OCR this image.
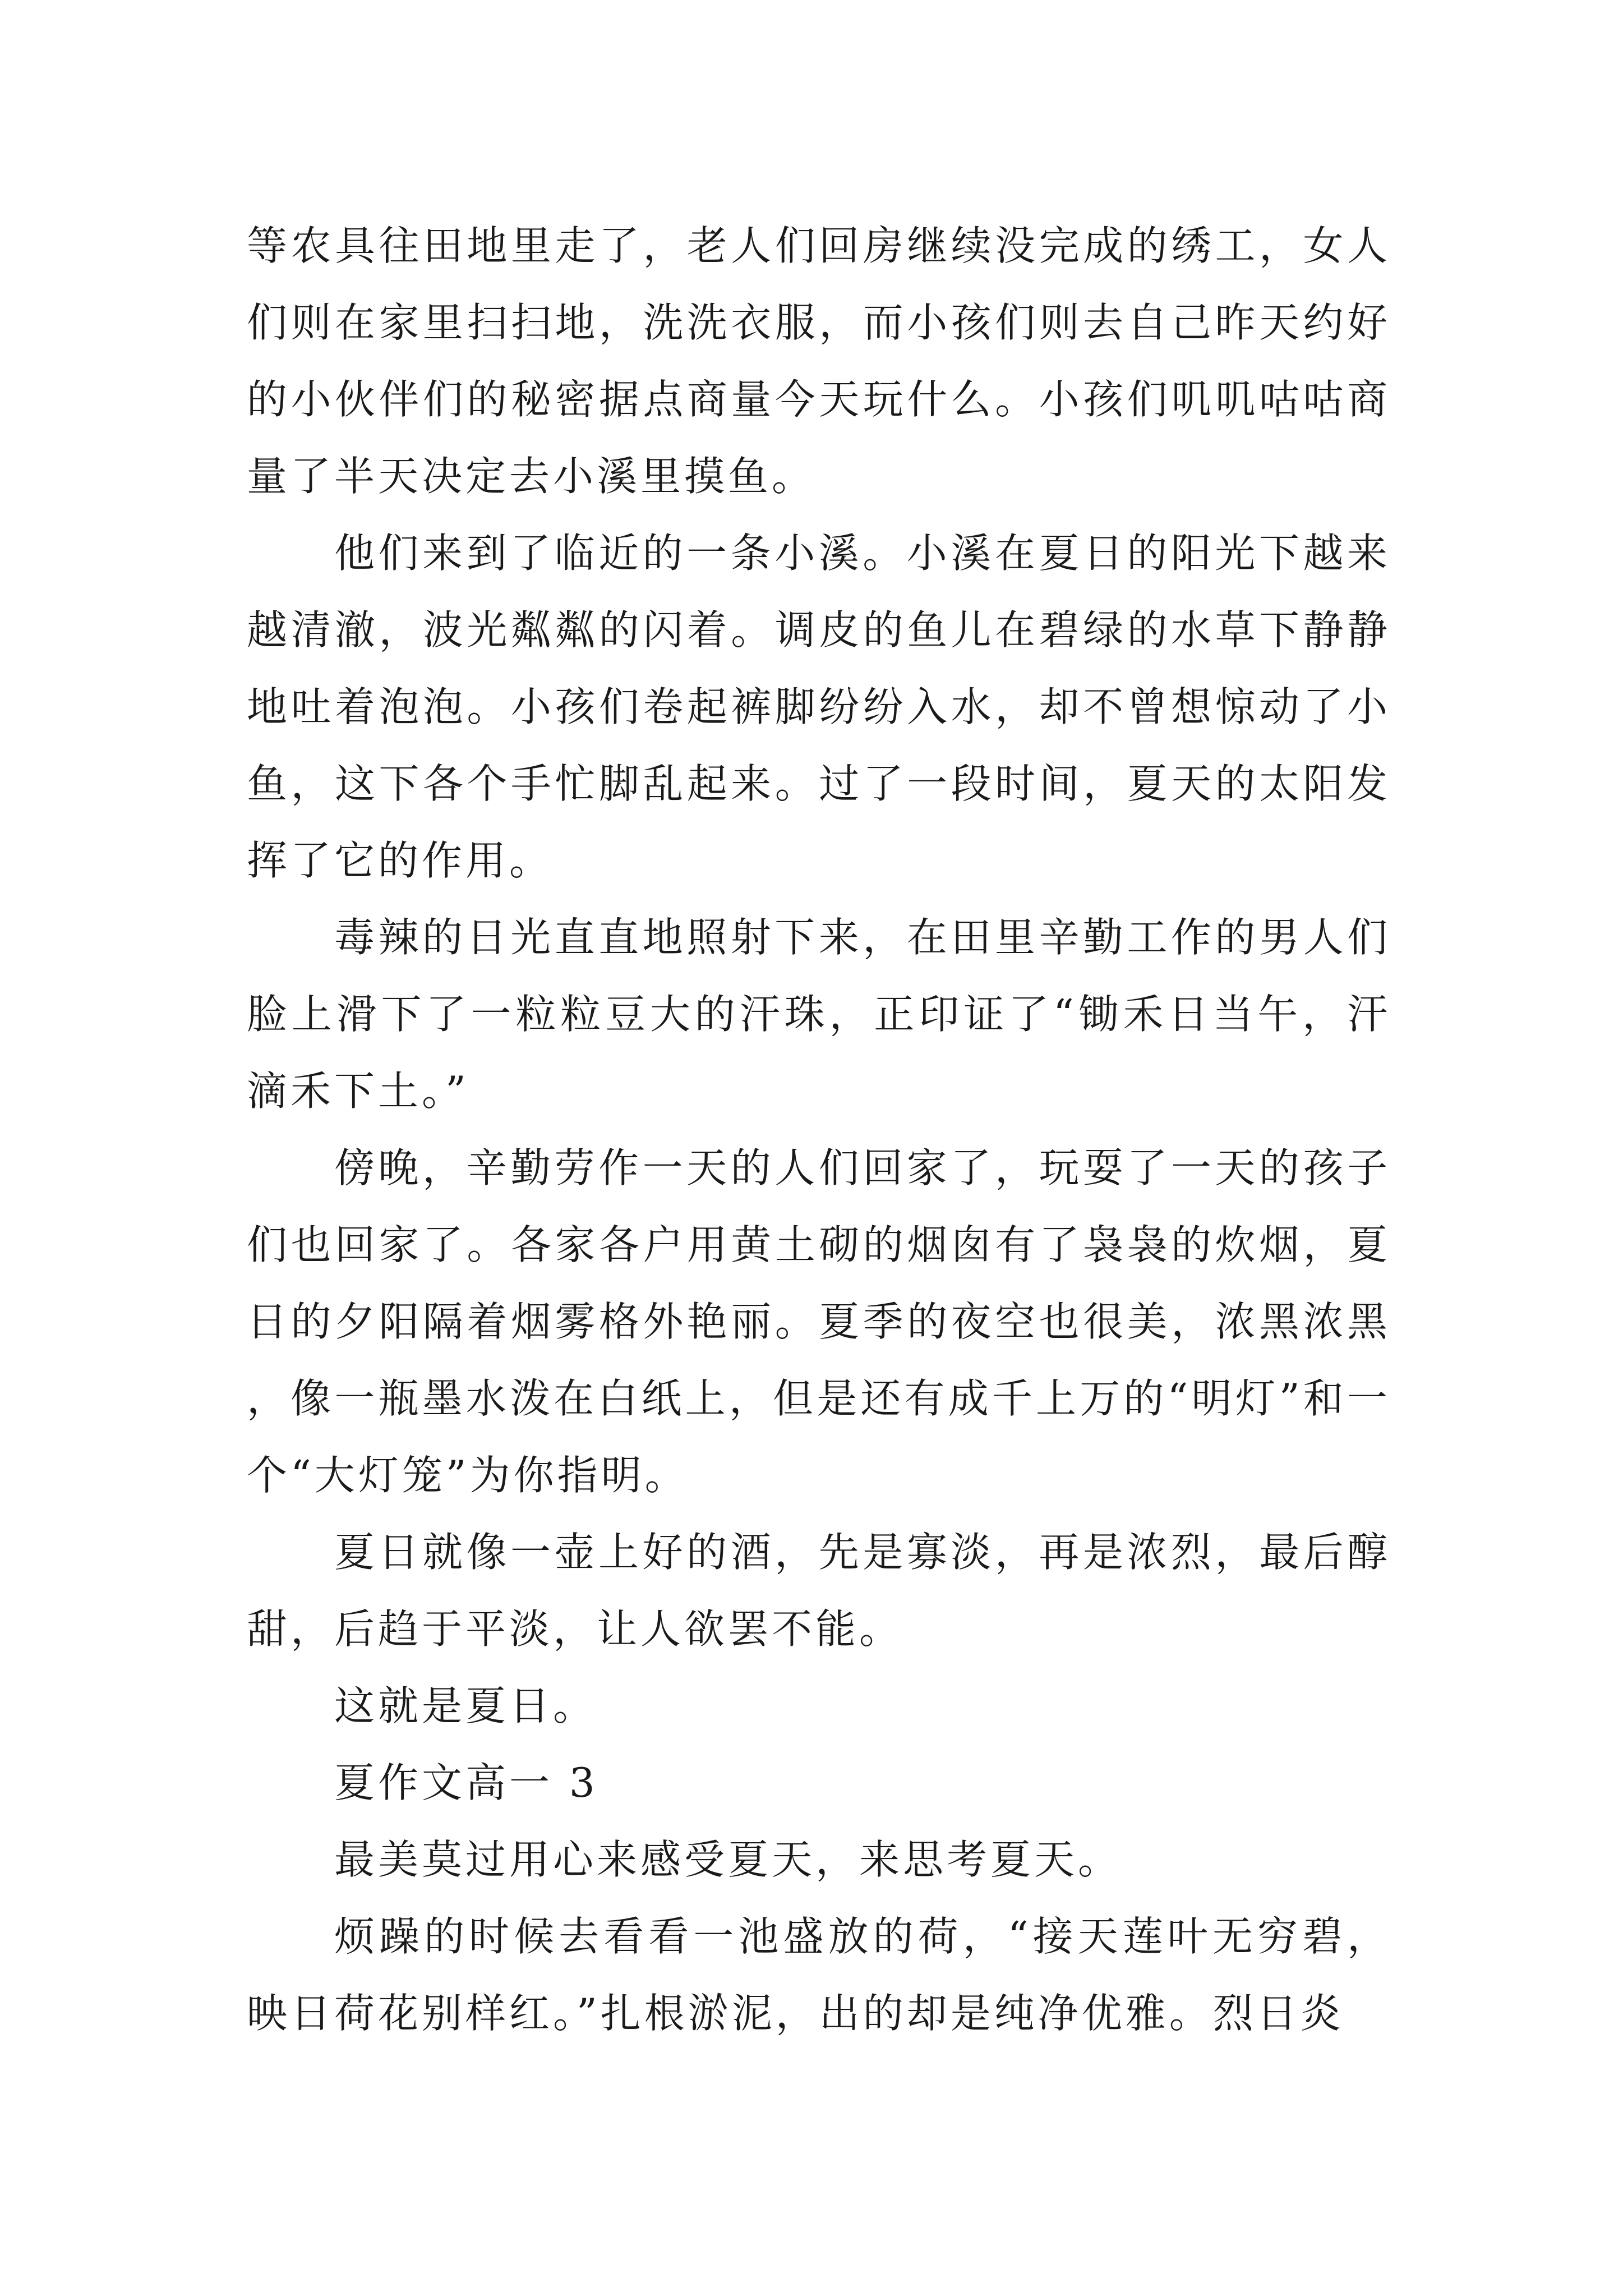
等农具往田地里走了，老人们回房继续没完成的绣工，女人们则在家里扫扫地，洗洗衣服，而小孩们则去自己昨天约好的小伙伴们的秘密据点商量今天玩什么。小孩们叽叽咕咕商量了半天决定去小溪里摸鱼。

他们来到了临近的一条小溪。小溪在夏日的阳光下越来越清澈，波光粼粼的闪着。调皮的鱼儿在碧绿的水草下静静地吐着泡泡。小孩们卷起裤脚纷纷入水，却不曾想惊动了小鱼，这下各个手忙脚乱起来。过了一段时间，夏天的太阳发挥了它的作用。

毒辣的日光直直地照射下来，在田里辛勤工作的男人们脸上滑下了一粒粒豆大的汗珠，正印证了“锄禾日当午，汗滴禾下土。”

傍晚，辛勤劳作一天的人们回家了，玩耍了一天的孩子们也回家了。各家各户用黄土砌的烟囱有了袅袅的炊烟，夏日的夕阳隔着烟雾格外艳丽。夏季的夜空也很美，浓黑浓黑，像一瓶墨水泼在白纸上，但是还有成千上万的“明灯”和一个“大灯笼”为你指明。

夏日就像一壶上好的酒，先是寡淡，再是浓烈，最后醇甜，后趋于平淡，让人欲罢不能。

这就是夏日。

夏作文高一 3

最美莫过用心来感受夏天，来思考夏天。

烦躁的时候去看看一池盛放的荷，“接天莲叶无穷碧，映日荷花别样红。”扎根淤泥，出的却是纯净优雅。烈日炎
